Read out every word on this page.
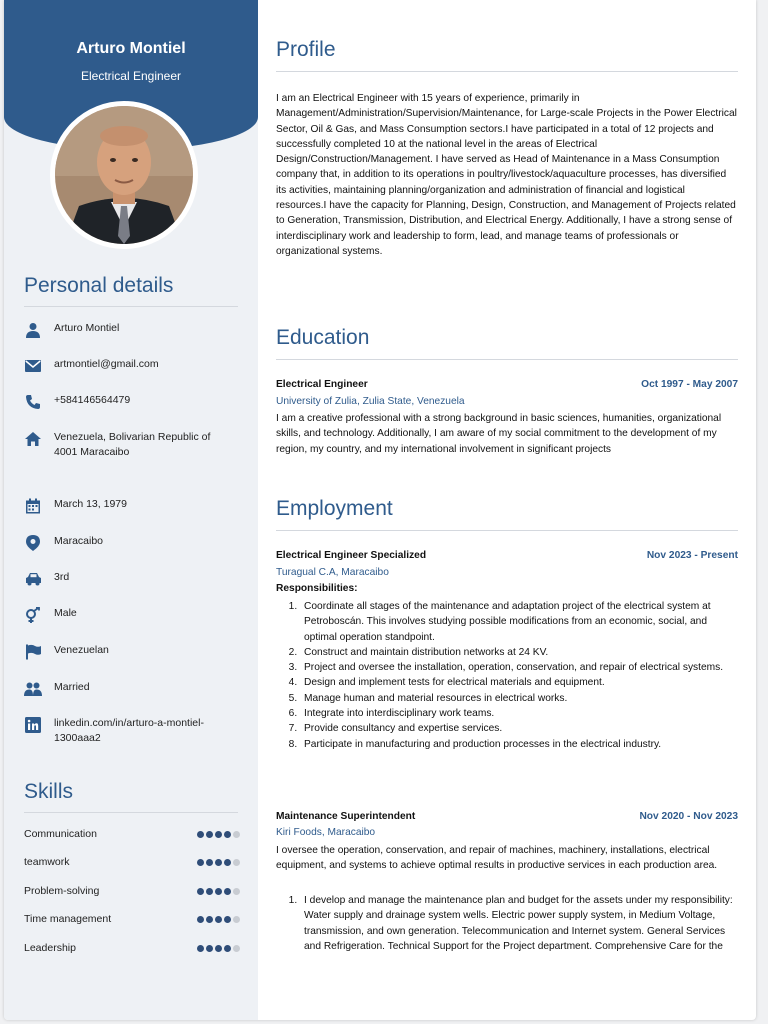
Arturo Montiel
Electrical Engineer
Personal details
Arturo Montiel
artmontiel@gmail.com
+584146564479
Venezuela, Bolivarian Republic of
4001 Maracaibo
March 13, 1979
Maracaibo
3rd
Male
Venezuelan
Married
linkedin.com/in/arturo-a-montiel-1300aaa2
Skills
Communication
teamwork
Problem-solving
Time management
Leadership
Profile
I am an Electrical Engineer with 15 years of experience, primarily in Management/Administration/Supervision/Maintenance, for Large-scale Projects in the Power Electrical Sector, Oil & Gas, and Mass Consumption sectors.I have participated in a total of 12 projects and successfully completed 10 at the national level in the areas of Electrical Design/Construction/Management. I have served as Head of Maintenance in a Mass Consumption company that, in addition to its operations in poultry/livestock/aquaculture processes, has diversified its activities, maintaining planning/organization and administration of financial and logistical resources.I have the capacity for Planning, Design, Construction, and Management of Projects related to Generation, Transmission, Distribution, and Electrical Energy. Additionally, I have a strong sense of interdisciplinary work and leadership to form, lead, and manage teams of professionals or organizational systems.
Education
Electrical Engineer	Oct 1997 - May 2007
University of Zulia, Zulia State, Venezuela
I am a creative professional with a strong background in basic sciences, humanities, organizational skills, and technology. Additionally, I am aware of my social commitment to the development of my region, my country, and my international involvement in significant projects
Employment
Electrical Engineer Specialized	Nov 2023 - Present
Turagual C.A, Maracaibo
Responsibilities:
1. Coordinate all stages of the maintenance and adaptation project of the electrical system at Petroboscán. This involves studying possible modifications from an economic, social, and optimal operation standpoint.
2. Construct and maintain distribution networks at 24 KV.
3. Project and oversee the installation, operation, conservation, and repair of electrical systems.
4. Design and implement tests for electrical materials and equipment.
5. Manage human and material resources in electrical works.
6. Integrate into interdisciplinary work teams.
7. Provide consultancy and expertise services.
8. Participate in manufacturing and production processes in the electrical industry.
Maintenance Superintendent	Nov 2020 - Nov 2023
Kiri Foods, Maracaibo
I oversee the operation, conservation, and repair of machines, machinery, installations, electrical equipment, and systems to achieve optimal results in productive services in each production area.
1. I develop and manage the maintenance plan and budget for the assets under my responsibility: Water supply and drainage system wells. Electric power supply system, in Medium Voltage, transmission, and own generation. Telecommunication and Internet system. General Services and Refrigeration. Technical Support for the Project department. Comprehensive Care for the
